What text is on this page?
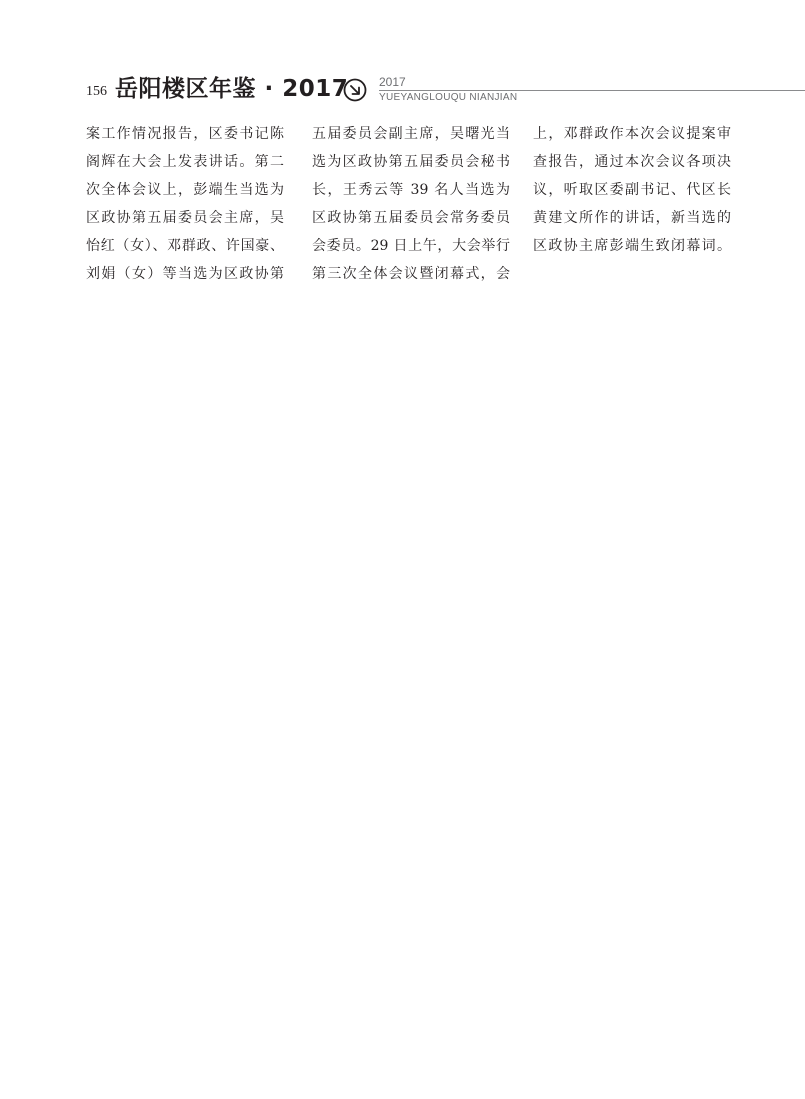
156 岳阳楼区年鉴 · 2017	2017
YUEYANGLOUQU NIANJIAN
案工作情况报告，区委书记陈
阁辉在大会上发表讲话。第二
次全体会议上，彭端生当选为
区政协第五届委员会主席，吴
怡红（女）、邓群政、许国豪、
刘娟（女）等当选为区政协第
五届委员会副主席，吴曙光当
选为区政协第五届委员会秘书
长，王秀云等 39 名人当选为
区政协第五届委员会常务委员
会委员。29 日上午，大会举行
第三次全体会议暨闭幕式，会
上，邓群政作本次会议提案审
查报告，通过本次会议各项决
议，听取区委副书记、代区长
黄建文所作的讲话，新当选的
区政协主席彭端生致闭幕词。
